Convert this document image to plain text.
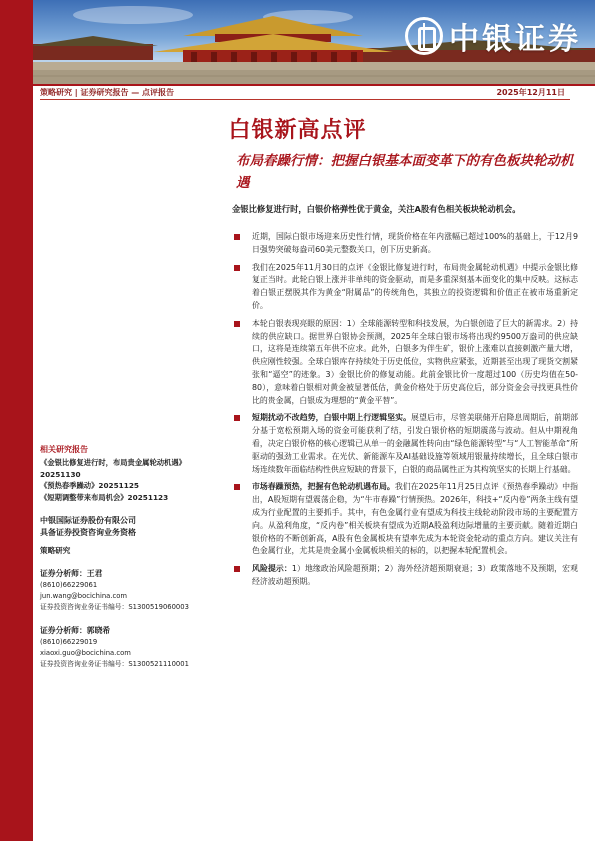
中银证券
策略研究 | 证券研究报告 — 点评报告	2025年12月11日
白银新高点评
布局春躁行情：把握白银基本面变革下的有色板块轮动机遇
金银比修复进行时，白银价格弹性优于黄金，关注A股有色相关板块轮动机会。
近期，国际白银市场迎来历史性行情，现货价格在年内涨幅已超过100%的基础上，于12月9日强势突破每盎司60美元整数关口，创下历史新高。
我们在2025年11月30日的点评《金银比修复进行时，布局贵金属轮动机遇》中提示金银比修复正当时。此轮白银上涨并非单纯的资金驱动，而是多重深刻基本面变化的集中反映。这标志着白银正摆脱其作为黄金“附属品”的传统角色，其独立的投资逻辑和价值正在被市场重新定价。
本轮白银表现亮眼的原因：1）全球能源转型和科技发展，为白银创造了巨大的新需求。2）持续的供应缺口。据世界白银协会预测，2025年全球白银市场将出现约9500万盎司的供应缺口，这将是连续第五年供不应求。此外，白银多为伴生矿，银价上涨难以直接刺激产量大增，供应刚性较强。全球白银库存持续处于历史低位，实物供应紧张，近期甚至出现了现货交割紧张和“逼空”的迹象。3）金银比价的修复动能。此前金银比价一度超过100（历史均值在50-80），意味着白银相对黄金被显著低估，黄金价格处于历史高位后，部分资金会寻找更具性价比的贵金属，白银成为理想的“黄金平替”。
短期扰动不改趋势，白银中期上行逻辑坚实。展望后市，尽管美联储开启降息周期后，前期部分基于宽松预期入场的资金可能获利了结，引发白银价格的短期震荡与波动。但从中期视角看，决定白银价格的核心逻辑已从单一的金融属性转向由“绿色能源转型”与“人工智能革命”所驱动的强劲工业需求。在光伏、新能源车及AI基础设施等领域用银量持续增长，且全球白银市场连续数年面临结构性供应短缺的背景下，白银的商品属性正为其构筑坚实的长期上行基础。
市场春躁预热，把握有色轮动机遇布局。我们在2025年11月25日点评《预热春季躁动》中指出，A股短期有望震荡企稳，为“牛市春躁”行情预热。2026年，科技+“反内卷”两条主线有望成为行业配置的主要抓手。其中，有色金属行业有望成为科技主线轮动阶段市场的主要配置方向。从盈利角度，“反内卷”相关板块有望成为近期A股盈利边际增量的主要贡献。随着近期白银价格的不断创新高，A股有色金属板块有望率先成为本轮资金轮动的重点方向。建议关注有色金属行业，尤其是贵金属小金属板块相关的标的，以把握本轮配置机会。
风险提示：1）地缘政治风险超预期；2）海外经济超预期衰退；3）政策落地不及预期，宏观经济波动超预期。
相关研究报告
《金银比修复进行时，布局贵金属轮动机遇》20251130
《预热春季躁动》20251125
《短期调整带来布局机会》20251123
中银国际证券股份有限公司
具备证券投资咨询业务资格
策略研究
证券分析师：王君
(8610)66229061
jun.wang@bocichina.com
证券投资咨询业务证书编号：S1300519060003
证券分析师：郭晓希
(8610)66229019
xiaoxi.guo@bocichina.com
证券投资咨询业务证书编号：S1300521110001
